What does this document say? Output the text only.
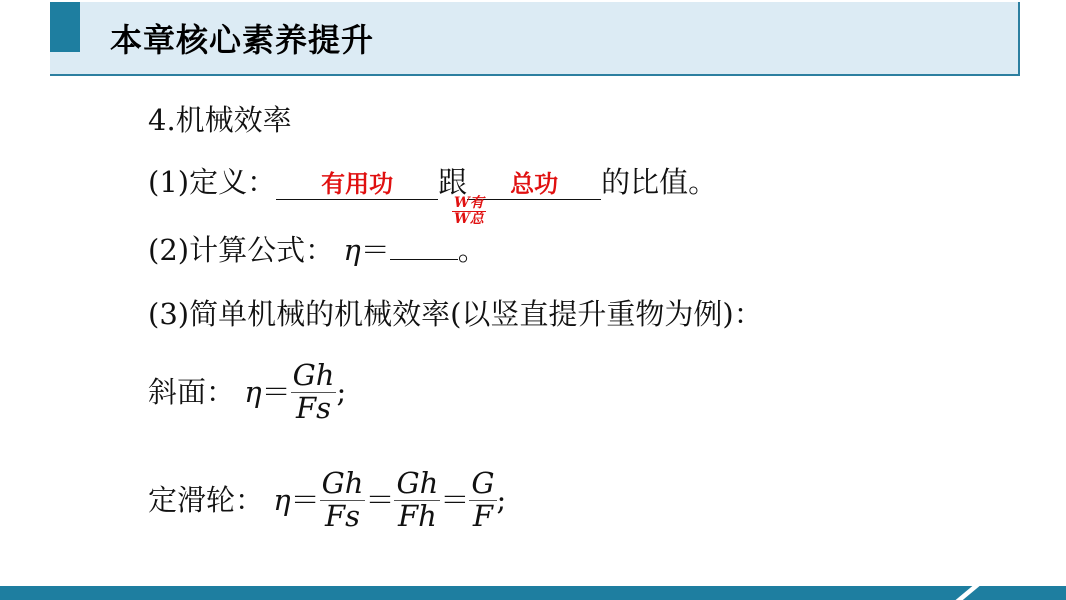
本章核心素养提升
4.机械效率
(1)定义： 有用功 跟 总功 的比值。
(2)计算公式： η＝ 。
$\frac{\text{W有}}{\text{W总}}$
(3)简单机械的机械效率(以竖直提升重物为例)：
斜面： $\eta= \frac{Gh}{Fs}$ ;
定滑轮： $\eta= \frac{Gh}{Fs} = \frac{Gh}{Fh} = \frac{G}{F}$ ;
